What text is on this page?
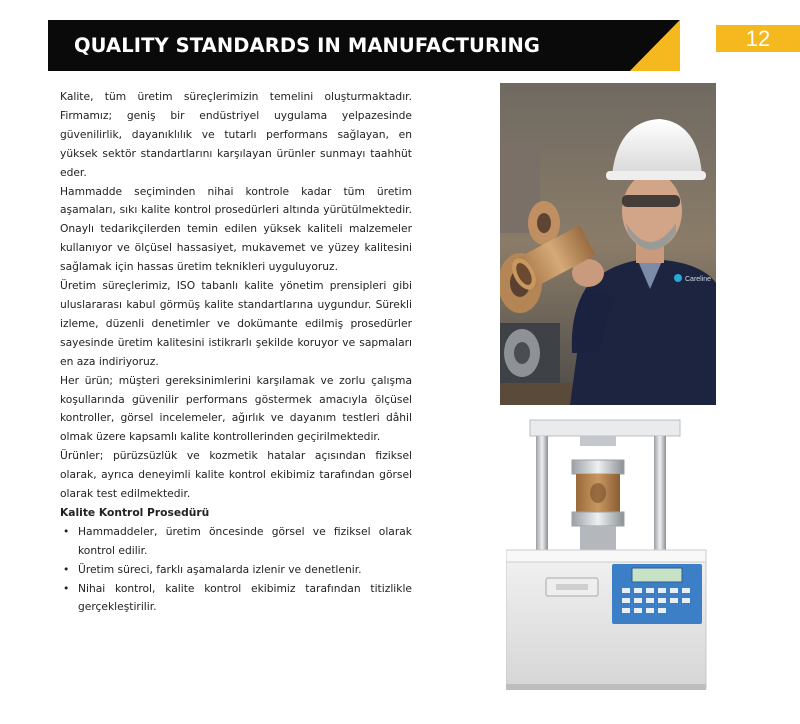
QUALITY STANDARDS IN MANUFACTURING	12

Kalite, tüm üretim süreçlerimizin temelini oluşturmaktadır. Firmamız; geniş bir endüstriyel uygulama yelpazesinde güvenilirlik, dayanıklılık ve tutarlı performans sağlayan, en yüksek sektör standartlarını karşılayan ürünler sunmayı taahhüt eder.

Hammadde seçiminden nihai kontrole kadar tüm üretim aşamaları, sıkı kalite kontrol prosedürleri altında yürütülmektedir. Onaylı tedarikçilerden temin edilen yüksek kaliteli malzemeler kullanıyor ve ölçüsel hassasiyet, mukavemet ve yüzey kalitesini sağlamak için hassas üretim teknikleri uyguluyoruz.

Üretim süreçlerimiz, ISO tabanlı kalite yönetim prensipleri gibi uluslararası kabul görmüş kalite standartlarına uygundur. Sürekli izleme, düzenli denetimler ve dokümante edilmiş prosedürler sayesinde üretim kalitesini istikrarlı şekilde koruyor ve sapmaları en aza indiriyoruz.

Her ürün; müşteri gereksinimlerini karşılamak ve zorlu çalışma koşullarında güvenilir performans göstermek amacıyla ölçüsel kontroller, görsel incelemeler, ağırlık ve dayanım testleri dâhil olmak üzere kapsamlı kalite kontrollerinden geçirilmektedir.

Ürünler; pürüzsüzlük ve kozmetik hatalar açısından fiziksel olarak, ayrıca deneyimli kalite kontrol ekibimiz tarafından görsel olarak test edilmektedir.

Kalite Kontrol Prosedürü
• Hammaddeler, üretim öncesinde görsel ve fiziksel olarak kontrol edilir.
• Üretim süreci, farklı aşamalarda izlenir ve denetlenir.
• Nihai kontrol, kalite kontrol ekibimiz tarafından titizlikle gerçekleştirilir.
Careline
